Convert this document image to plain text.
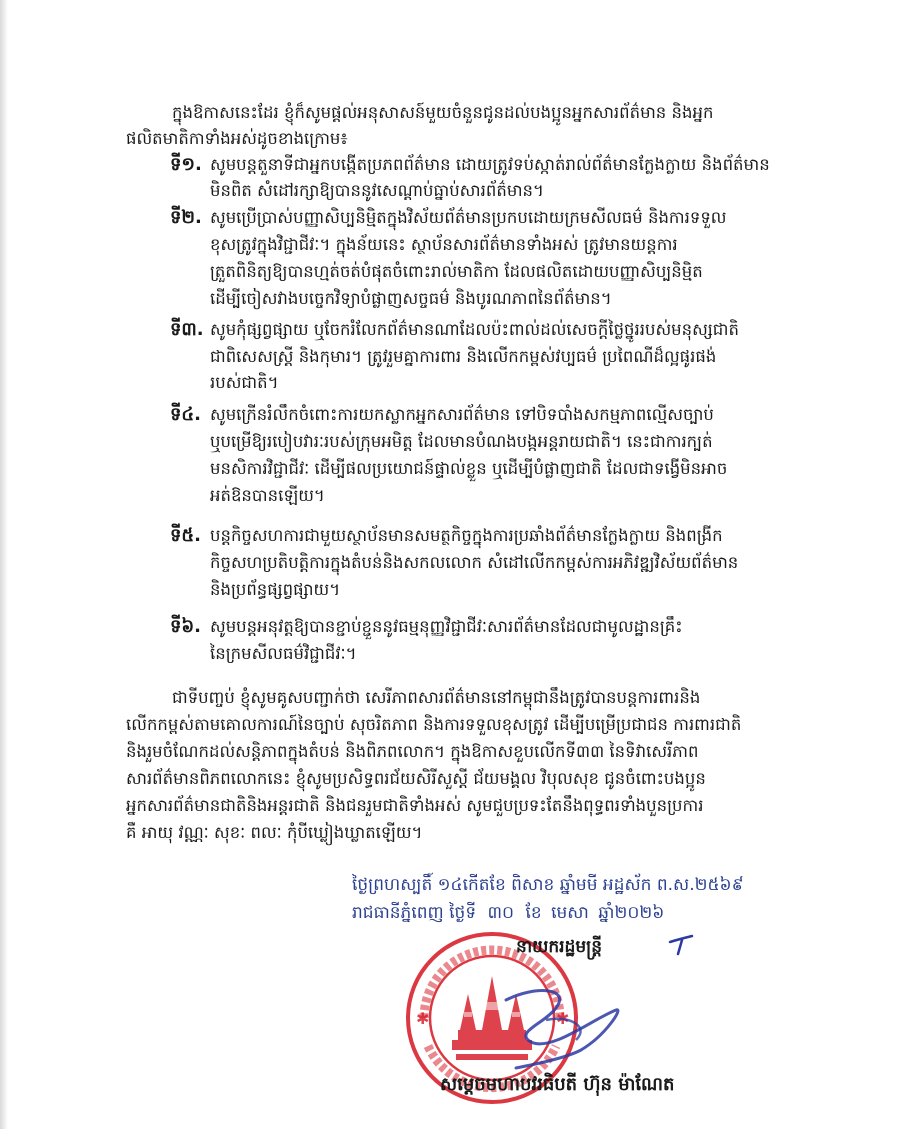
ក្នុងឱកាសនេះដែរ ខ្ញុំក៏សូមផ្ដល់អនុសាសន៍មួយចំនួនជូនដល់បងប្អូនអ្នកសារព័ត៌មាន និងអ្នក
ផលិតមាតិកាទាំងអស់ដូចខាងក្រោម៖
ទី១. សូមបន្តតួនាទីជាអ្នកបង្កើតប្រភពព័ត៌មាន ដោយត្រូវទប់ស្កាត់រាល់ព័ត៌មានក្លែងក្លាយ និងព័ត៌មាន
មិនពិត សំដៅរក្សាឱ្យបាននូវសេណ្ដាប់ធ្នាប់សារព័ត៌មាន។
ទី២. សូមប្រើប្រាស់បញ្ញាសិប្បនិម្មិតក្នុងវិស័យព័ត៌មានប្រកបដោយក្រមសីលធម៌ និងការទទួល
ខុសត្រូវក្នុងវិជ្ជាជីវៈ។ ក្នុងន័យនេះ ស្ថាប័នសារព័ត៌មានទាំងអស់ ត្រូវមានយន្តការ
ត្រួតពិនិត្យឱ្យបានហ្មត់ចត់បំផុតចំពោះរាល់មាតិកា ដែលផលិតដោយបញ្ញាសិប្បនិម្មិត
ដើម្បីចៀសវាងបច្ចេកវិទ្យាបំផ្លាញសច្ចធម៌ និងបូរណភាពនៃព័ត៌មាន។
ទី៣. សូមកុំផ្សព្វផ្សាយ ឬចែករំលែកព័ត៌មានណាដែលប៉ះពាល់ដល់សេចក្ដីថ្លៃថ្នូររបស់មនុស្សជាតិ
ជាពិសេសស្ត្រី និងកុមារ។ ត្រូវរួមគ្នាការពារ និងលើកកម្ពស់វប្បធម៌ ប្រពៃណីដ៏ល្អផូរផង់
របស់ជាតិ។
ទី៤. សូមក្រើនរំលឹកចំពោះការយកស្លាកអ្នកសារព័ត៌មាន ទៅបិទបាំងសកម្មភាពល្មើសច្បាប់
ឬបម្រើឱ្យរបៀបវារៈរបស់ក្រុមអមិត្ត ដែលមានបំណងបង្កអន្តរាយជាតិ។ នេះជាការក្បត់
មនសិការវិជ្ជាជីវៈ ដើម្បីផលប្រយោជន៍ផ្ទាល់ខ្លួន ឬដើម្បីបំផ្លាញជាតិ ដែលជាទង្វើមិនអាច
អត់ឱនបានឡើយ។
ទី៥. បន្តកិច្ចសហការជាមួយស្ថាប័នមានសមត្ថកិច្ចក្នុងការប្រឆាំងព័ត៌មានក្លែងក្លាយ និងពង្រីក
កិច្ចសហប្រតិបត្តិការក្នុងតំបន់និងសកលលោក សំដៅលើកកម្ពស់ការអភិវឌ្ឍវិស័យព័ត៌មាន
និងប្រព័ន្ធផ្សព្វផ្សាយ។
ទី៦. សូមបន្តអនុវត្តឱ្យបានខ្ជាប់ខ្ជួននូវធម្មនុញ្ញវិជ្ជាជីវៈសារព័ត៌មានដែលជាមូលដ្ឋានគ្រឹះ
នៃក្រមសីលធម៌វិជ្ជាជីវៈ។
ជាទីបញ្ចប់ ខ្ញុំសូមគូសបញ្ជាក់ថា សេរីភាពសារព័ត៌មាននៅកម្ពុជានឹងត្រូវបានបន្តការពារនិង
លើកកម្ពស់តាមគោលការណ៍នៃច្បាប់ សុចរិតភាព និងការទទួលខុសត្រូវ ដើម្បីបម្រើប្រជាជន ការពារជាតិ
និងរួមចំណែកដល់សន្តិភាពក្នុងតំបន់ និងពិភពលោក។ ក្នុងឱកាសខួបលើកទី៣៣ នៃទិវាសេរីភាព
សារព័ត៌មានពិភពលោកនេះ ខ្ញុំសូមប្រសិទ្ធពរជ័យសិរីសួស្ដី ជ័យមង្គល វិបុលសុខ ជូនចំពោះបងប្អូន
អ្នកសារព័ត៌មានជាតិនិងអន្តរជាតិ និងជនរួមជាតិទាំងអស់ សូមជួបប្រទះតែនឹងពុទ្ធពរទាំងបួនប្រការ
គឺ អាយុ វណ្ណៈ សុខៈ ពលៈ កុំបីឃ្លៀងឃ្លាតឡើយ។
ថ្ងៃព្រហស្បតិ៍ ១៤កើតខែ ពិសាខ ឆ្នាំមមី អដ្ឋស័ក ព.ស.២៥៦៩
រាជធានីភ្នំពេញ ថ្ងៃទី ៣០ ខែ មេសា ឆ្នាំ២០២៦
✱	✱
នាយករដ្ឋមន្ត្រី
សម្ដេចមហាបវរធិបតី ហ៊ុន ម៉ាណែត
